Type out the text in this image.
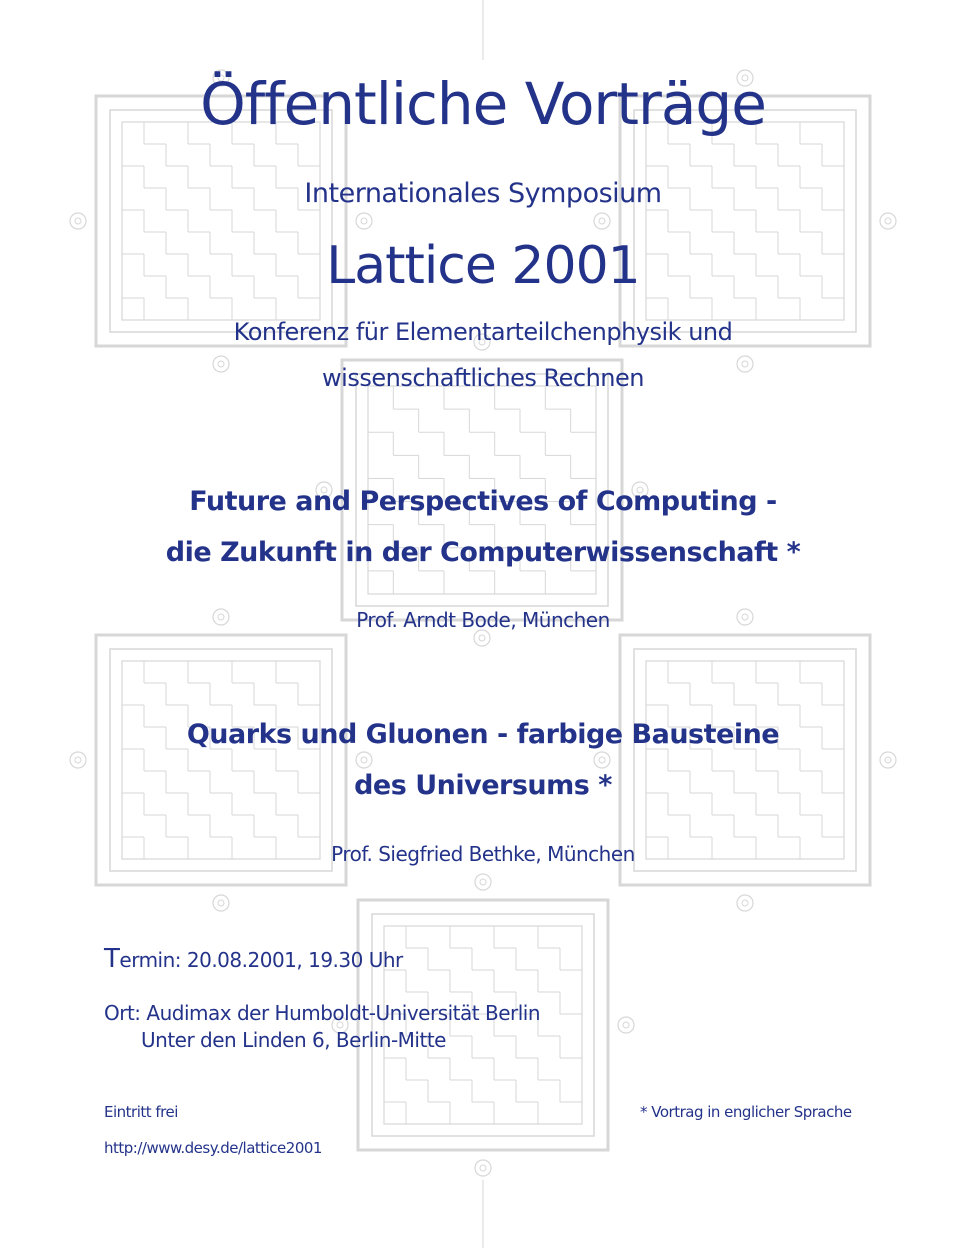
Öffentliche Vorträge

Internationales Symposium

Lattice 2001

Konferenz für Elementarteilchenphysik und

wissenschaftliches Rechnen

Future and Perspectives of Computing -

die Zukunft in der Computerwissenschaft *

Prof. Arndt Bode, München

Quarks und Gluonen - farbige Bausteine

des Universums *

Prof. Siegfried Bethke, München

Termin: 20.08.2001, 19.30 Uhr

Ort: Audimax der Humboldt-Universität Berlin

Unter den Linden 6, Berlin-Mitte

Eintritt frei

http://www.desy.de/lattice2001

* Vortrag in englicher Sprache
